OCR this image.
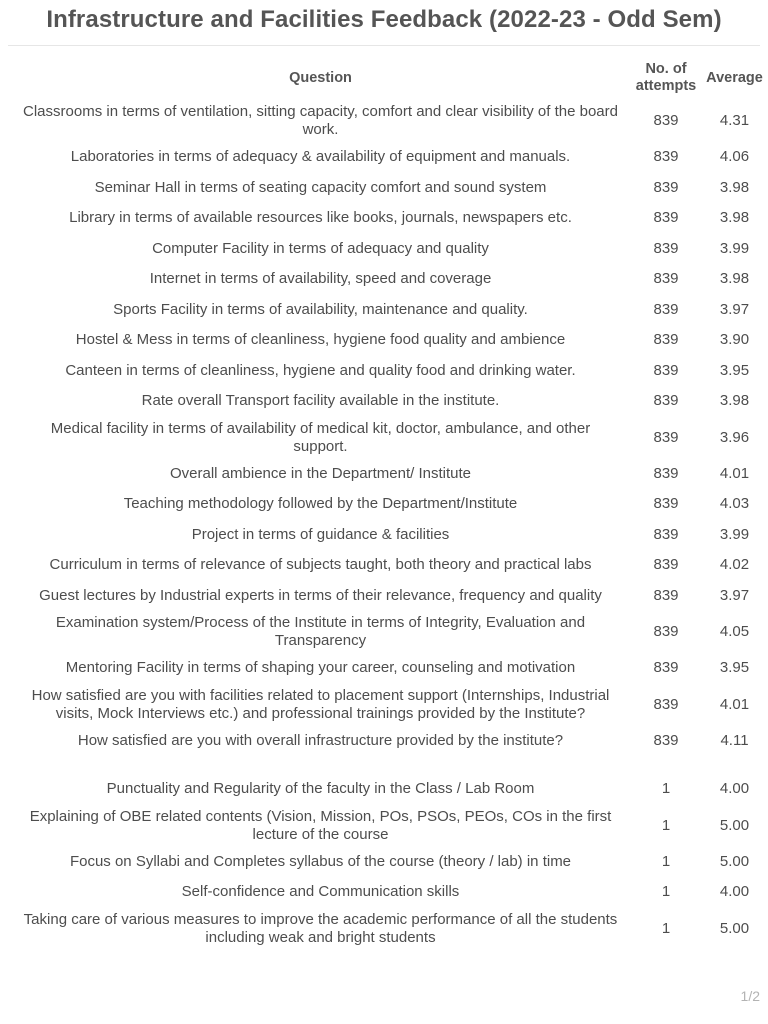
Infrastructure and Facilities Feedback (2022-23 - Odd Sem)
Question	No. of attempts	Average
Classrooms in terms of ventilation, sitting capacity, comfort and clear visibility of the board work.	839	4.31
Laboratories in terms of adequacy & availability of equipment and manuals.	839	4.06
Seminar Hall in terms of seating capacity comfort and sound system	839	3.98
Library in terms of available resources like books, journals, newspapers etc.	839	3.98
Computer Facility in terms of adequacy and quality	839	3.99
Internet in terms of availability, speed and coverage	839	3.98
Sports Facility in terms of availability, maintenance and quality.	839	3.97
Hostel & Mess in terms of cleanliness, hygiene food quality and ambience	839	3.90
Canteen in terms of cleanliness, hygiene and quality food and drinking water.	839	3.95
Rate overall Transport facility available in the institute.	839	3.98
Medical facility in terms of availability of medical kit, doctor, ambulance, and other support.	839	3.96
Overall ambience in the Department/ Institute	839	4.01
Teaching methodology followed by the Department/Institute	839	4.03
Project in terms of guidance & facilities	839	3.99
Curriculum in terms of relevance of subjects taught, both theory and practical labs	839	4.02
Guest lectures by Industrial experts in terms of their relevance, frequency and quality	839	3.97
Examination system/Process of the Institute in terms of Integrity, Evaluation and Transparency	839	4.05
Mentoring Facility in terms of shaping your career, counseling and motivation	839	3.95
How satisfied are you with facilities related to placement support (Internships, Industrial visits, Mock Interviews etc.) and professional trainings provided by the Institute?	839	4.01
How satisfied are you with overall infrastructure provided by the institute?	839	4.11

Punctuality and Regularity of the faculty in the Class / Lab Room	1	4.00
Explaining of OBE related contents (Vision, Mission, POs, PSOs, PEOs, COs in the first lecture of the course	1	5.00
Focus on Syllabi and Completes syllabus of the course (theory / lab) in time	1	5.00
Self-confidence and Communication skills	1	4.00
Taking care of various measures to improve the academic performance of all the students including weak and bright students	1	5.00
1/2
